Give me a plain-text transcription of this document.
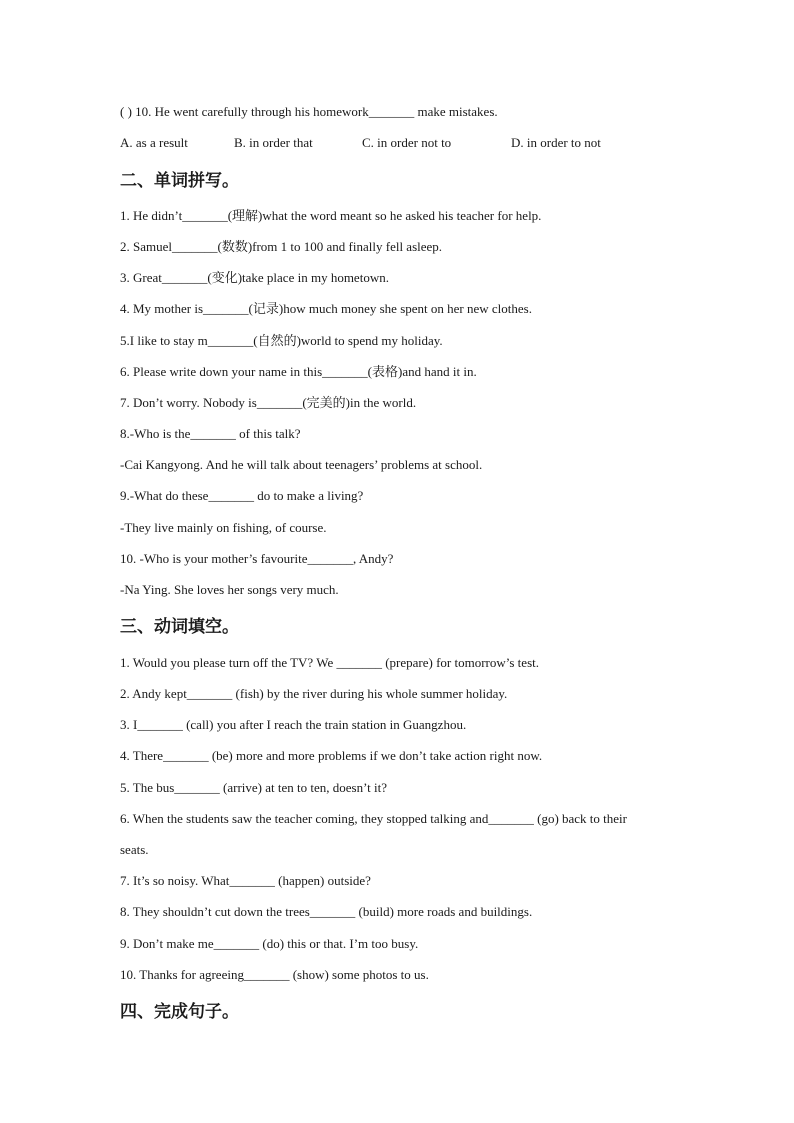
( ) 10. He went carefully through his homework_______ make mistakes.

A. as a result	B. in order that	C. in order not to	D. in order to not
二、单词拼写。

1. He didn’t_______(理解)what the word meant so he asked his teacher for help.

2. Samuel_______(数数)from 1 to 100 and finally fell asleep.

3. Great_______(变化)take place in my hometown.

4. My mother is_______(记录)how much money she spent on her new clothes.

5.I like to stay m_______(自然的)world to spend my holiday.

6. Please write down your name in this_______(表格)and hand it in.

7. Don’t worry. Nobody is_______(完美的)in the world.

8.-Who is the_______ of this talk?

-Cai Kangyong. And he will talk about teenagers’ problems at school.

9.-What do these_______ do to make a living?

-They live mainly on fishing, of course.

10. -Who is your mother’s favourite_______, Andy?

-Na Ying. She loves her songs very much.

三、动词填空。

1. Would you please turn off the TV? We _______ (prepare) for tomorrow’s test.

2. Andy kept_______ (fish) by the river during his whole summer holiday.

3. I_______ (call) you after I reach the train station in Guangzhou.

4. There_______ (be) more and more problems if we don’t take action right now.

5. The bus_______ (arrive) at ten to ten, doesn’t it?

6. When the students saw the teacher coming, they stopped talking and_______ (go) back to their

seats.

7. It’s so noisy. What_______ (happen) outside?

8. They shouldn’t cut down the trees_______ (build) more roads and buildings.

9. Don’t make me_______ (do) this or that. I’m too busy.

10. Thanks for agreeing_______ (show) some photos to us.

四、完成句子。
